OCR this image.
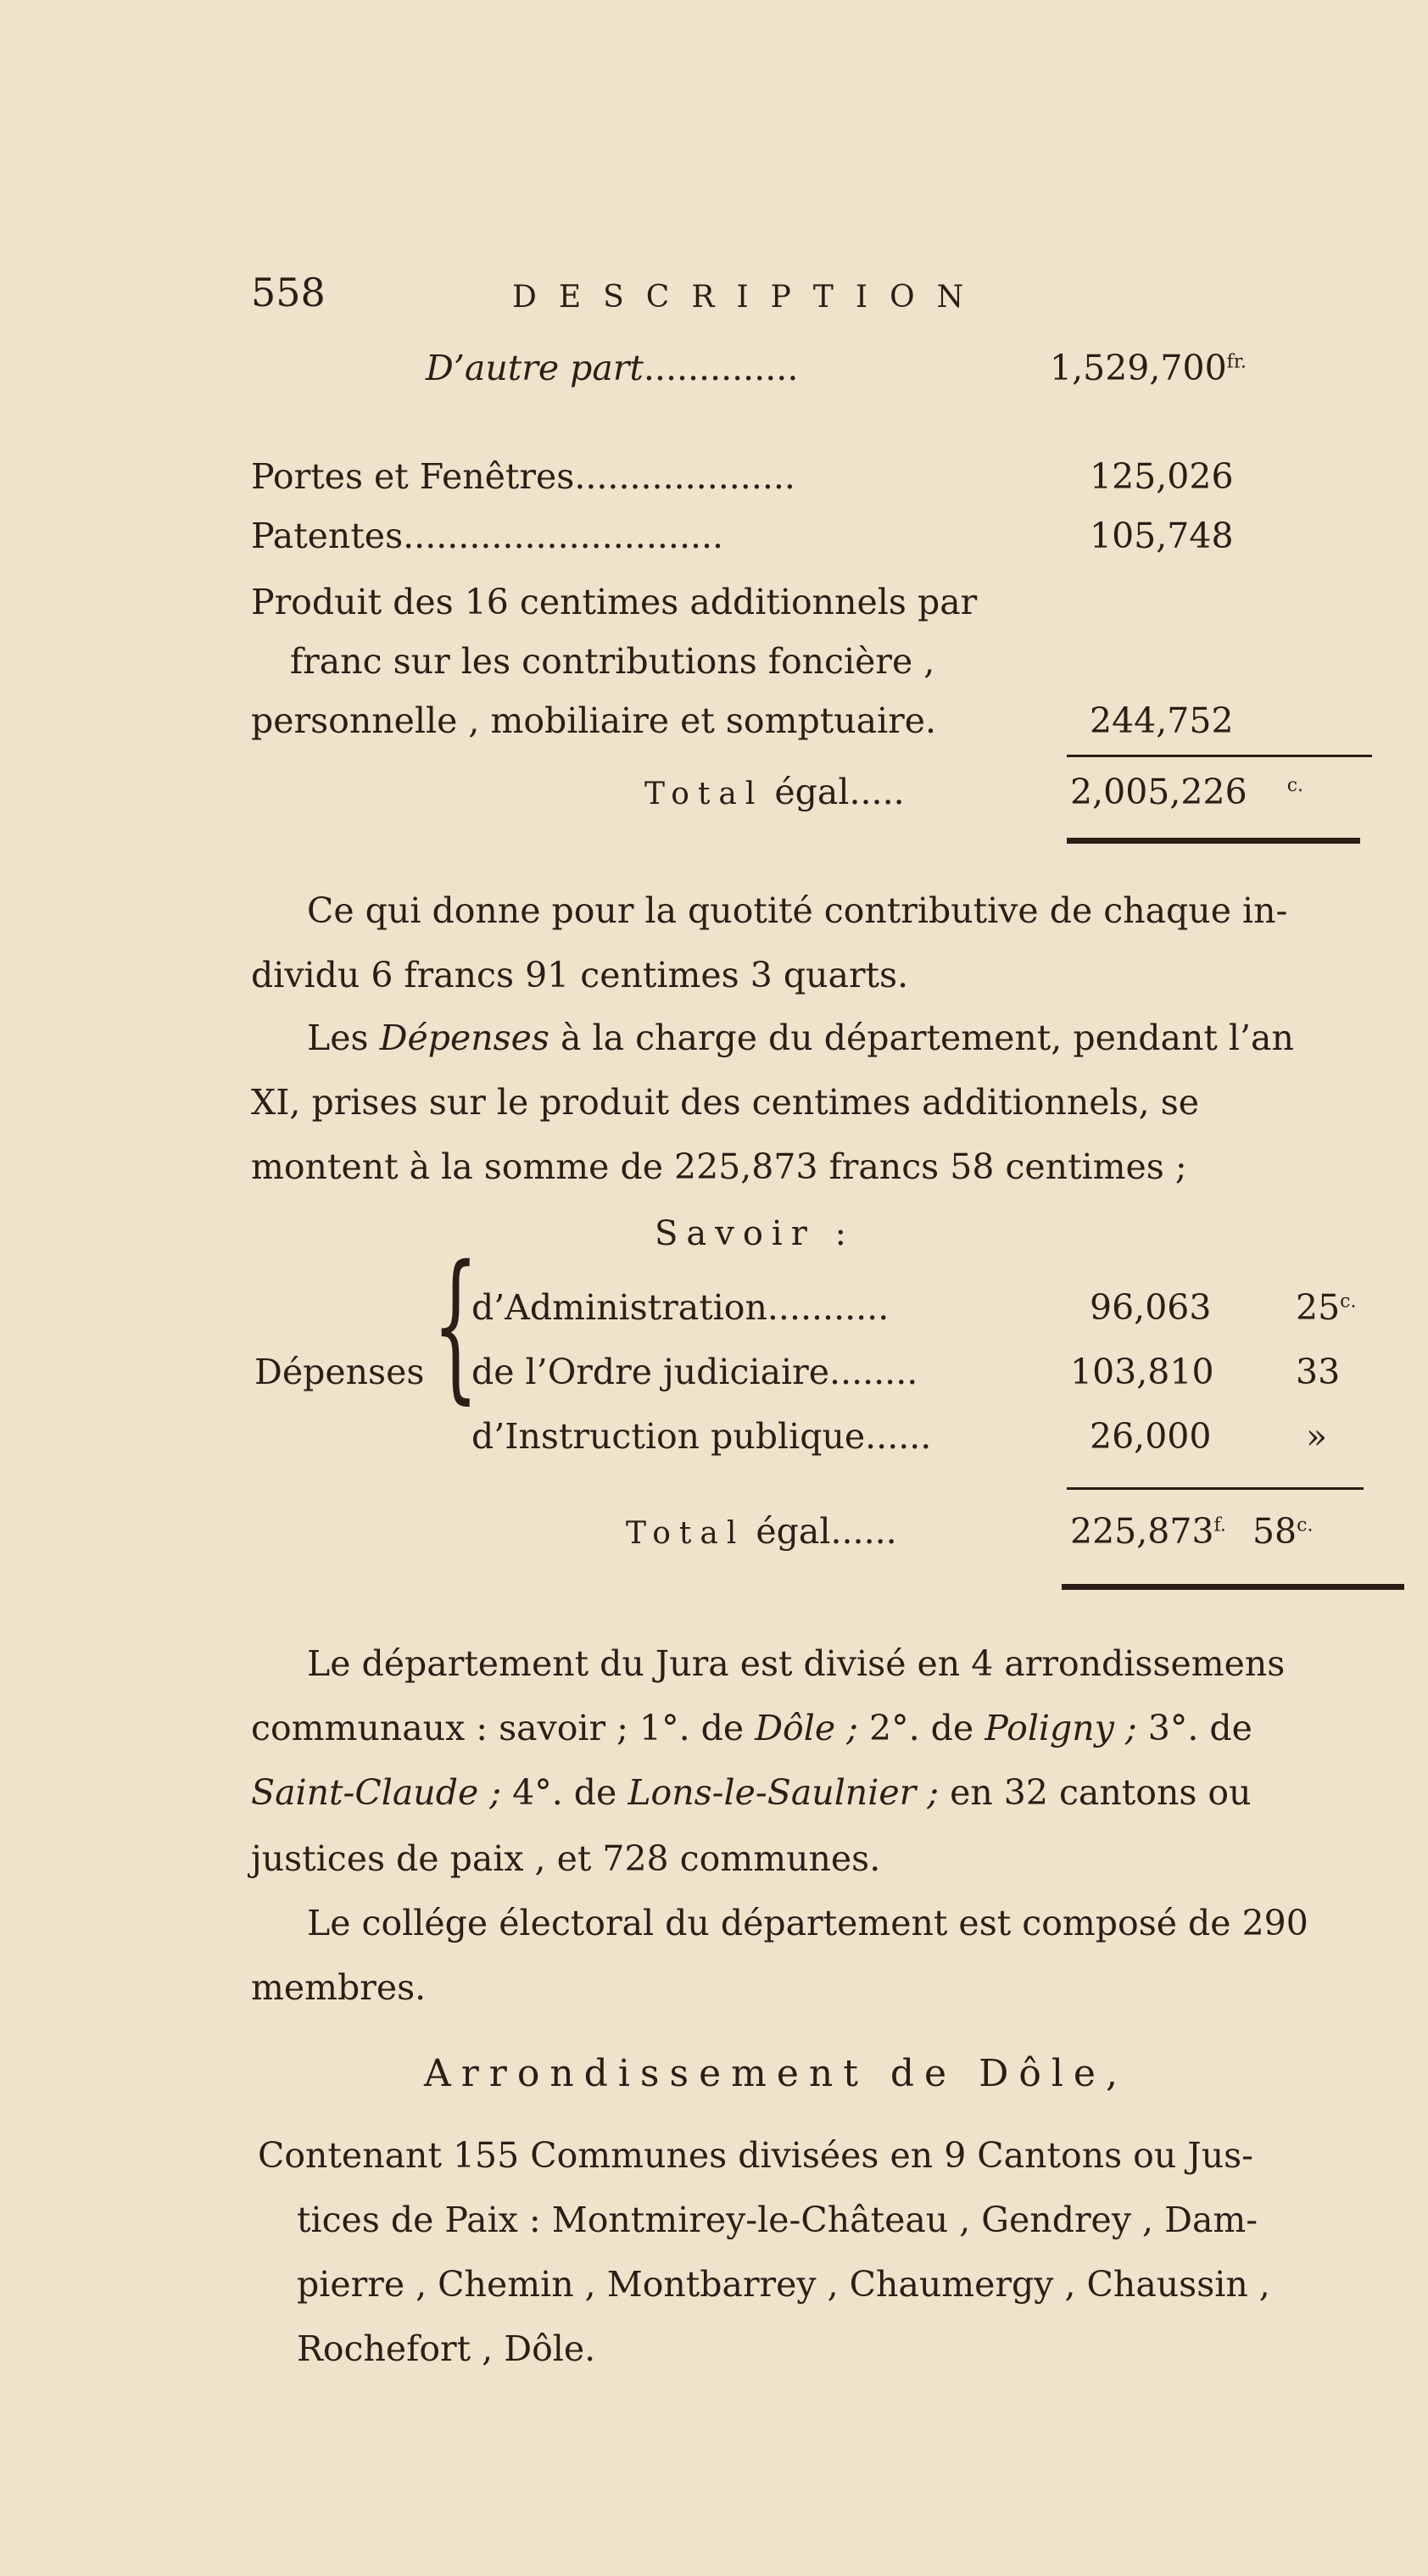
558	DESCRIPTION
D’autre part..............	$1,529,700^{fr.}$
Portes et Fenêtres....................	125,026
Patentes.............................	105,748
Produit des 16 centimes additionnels par
franc sur les contributions foncière ,
personnelle , mobiliaire et somptuaire.	244,752
Total égal.....	2,005,226 $^{c.}$
Ce qui donne pour la quotité contributive de chaque in-
dividu 6 francs 91 centimes 3 quarts.
Les Dépenses à la charge du département, pendant l’an
XI, prises sur le produit des centimes additionnels, se
montent à la somme de 225,873 francs 58 centimes ;
Savoir :
{
Dépenses
d’Administration...........	96,063 $25^{c.}$
de l’Ordre judiciaire........	103,810 33
d’Instruction publique......	26,000	»
Total égal......	$225,873^{f.}$ $58^{c.}$
Le département du Jura est divisé en 4 arrondissemens
communaux : savoir ; 1°. de Dôle ; 2°. de Poligny ; 3°. de
Saint-Claude ; 4°. de Lons-le-Saulnier ; en 32 cantons ou
justices de paix , et 728 communes.
Le collége électoral du département est composé de 290
membres.
Arrondissement de Dôle,
Contenant 155 Communes divisées en 9 Cantons ou Jus-
tices de Paix : Montmirey-le-Château , Gendrey , Dam-
pierre , Chemin , Montbarrey , Chaumergy , Chaussin ,
Rochefort , Dôle.
